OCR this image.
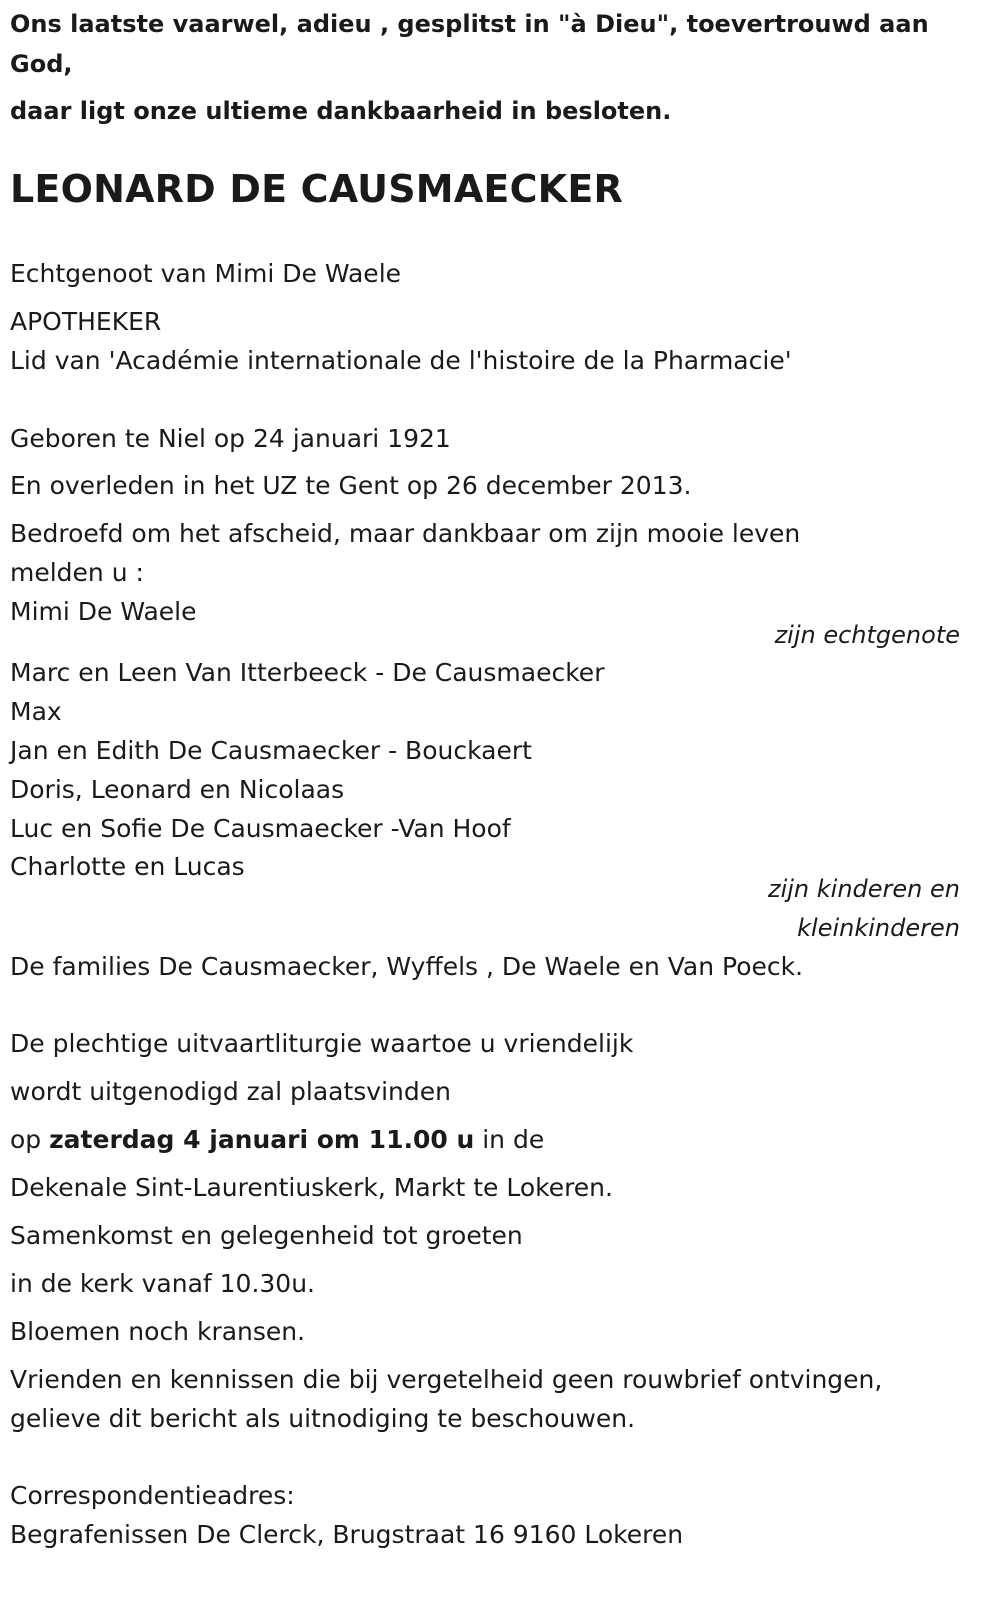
Ons laatste vaarwel, adieu , gesplitst in "à Dieu", toevertrouwd aan God,
daar ligt onze ultieme dankbaarheid in besloten.
LEONARD DE CAUSMAECKER
Echtgenoot van Mimi De Waele
APOTHEKER
Lid van 'Académie internationale de l'histoire de la Pharmacie'
Geboren te Niel op 24 januari 1921
En overleden in het UZ te Gent op 26 december 2013.
Bedroefd om het afscheid, maar dankbaar om zijn mooie leven
melden u :
Mimi De Waele
zijn echtgenote
Marc en Leen Van Itterbeeck - De Causmaecker
Max
Jan en Edith De Causmaecker - Bouckaert
Doris, Leonard en Nicolaas
Luc en Sofie De Causmaecker -Van Hoof
Charlotte en Lucas
zijn kinderen en
kleinkinderen
De families De Causmaecker, Wyffels , De Waele en Van Poeck.
De plechtige uitvaartliturgie waartoe u vriendelijk
wordt uitgenodigd zal plaatsvinden
op zaterdag 4 januari om 11.00 u in de
Dekenale Sint-Laurentiuskerk, Markt te Lokeren.
Samenkomst en gelegenheid tot groeten
in de kerk vanaf 10.30u.
Bloemen noch kransen.
Vrienden en kennissen die bij vergetelheid geen rouwbrief ontvingen,
gelieve dit bericht als uitnodiging te beschouwen.
Correspondentieadres:
Begrafenissen De Clerck, Brugstraat 16 9160 Lokeren
